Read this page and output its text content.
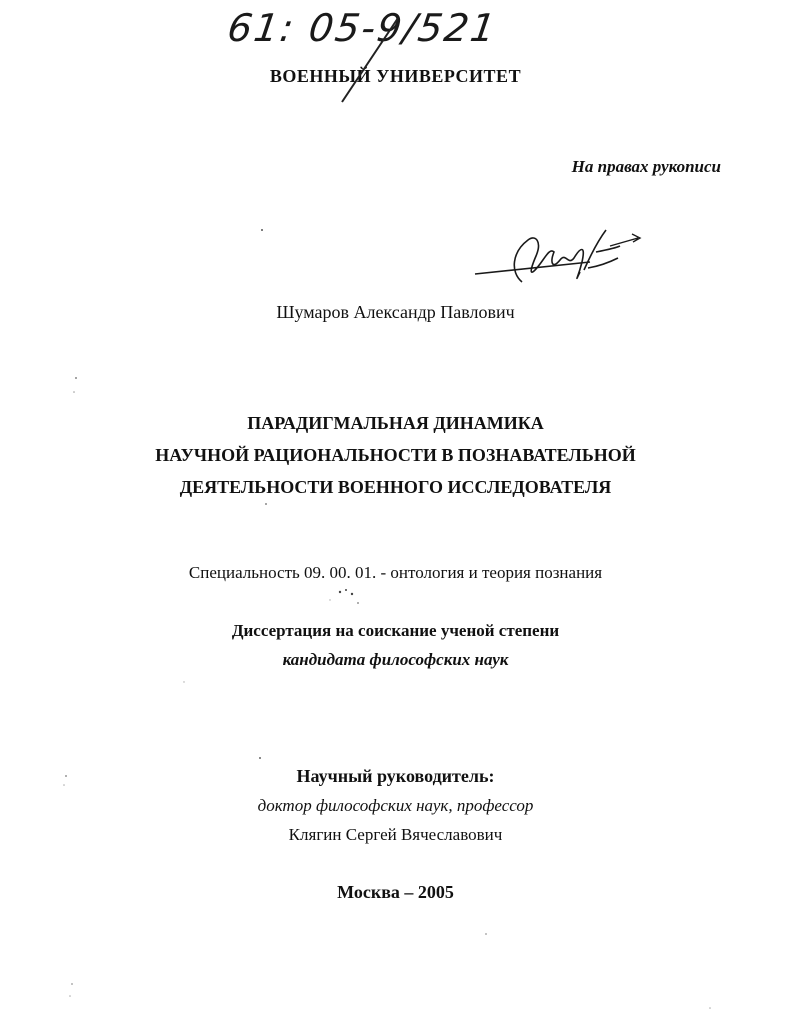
61: 05-9/521
ВОЕННЫЙ УНИВЕРСИТЕТ
На правах рукописи
Шумаров Александр Павлович
ПАРАДИГМАЛЬНАЯ ДИНАМИКА
НАУЧНОЙ РАЦИОНАЛЬНОСТИ В ПОЗНАВАТЕЛЬНОЙ
ДЕЯТЕЛЬНОСТИ ВОЕННОГО ИССЛЕДОВАТЕЛЯ
Специальность 09. 00. 01. - онтология и теория познания
Диссертация на соискание ученой степени
кандидата философских наук
Научный руководитель:
доктор философских наук, профессор
Клягин Сергей Вячеславович
Москва – 2005
